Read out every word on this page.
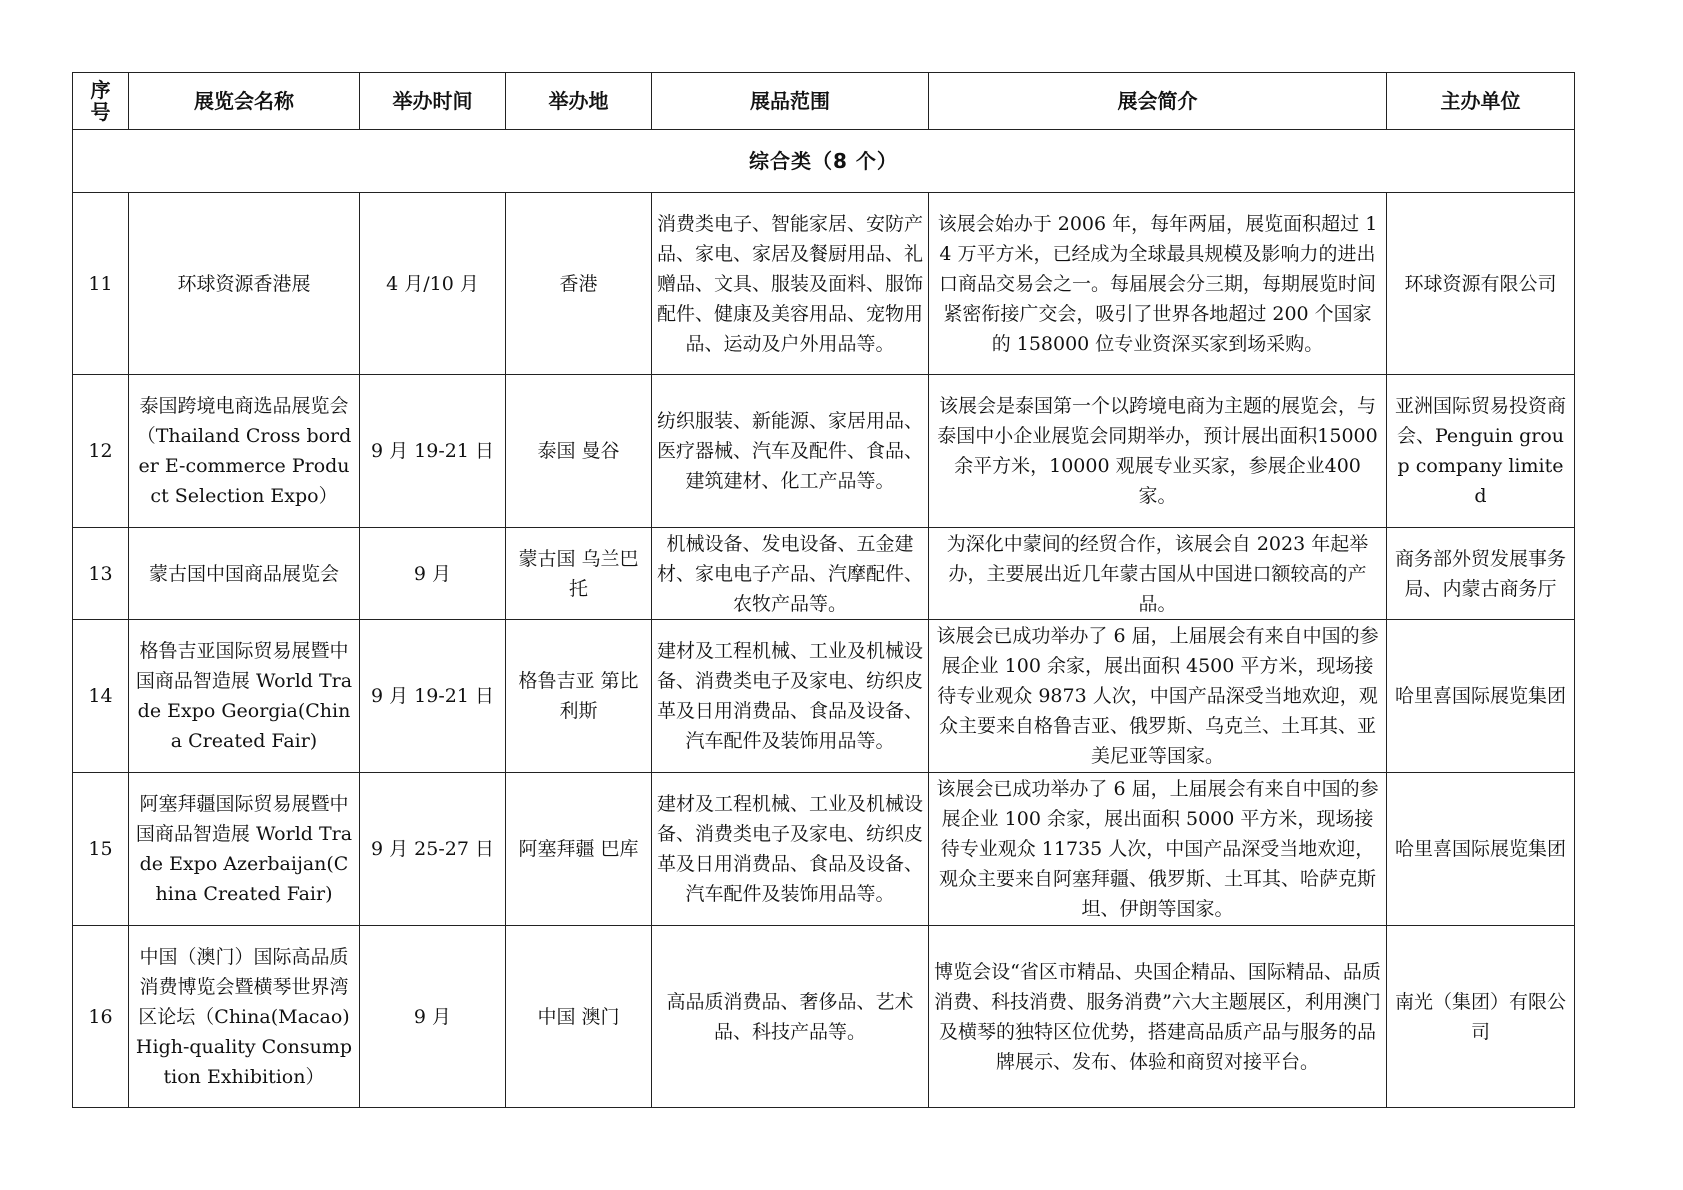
序号	展览会名称	举办时间	举办地	展品范围	展会简介	主办单位
综合类（8 个）						
11	环球资源香港展	4 月/10 月	香港	消费类电子、智能家居、安防产品、家电、家居及餐厨用品、礼赠品、文具、服装及面料、服饰配件、健康及美容用品、宠物用品、运动及户外用品等。	该展会始办于 2006 年，每年两届，展览面积超过 14 万平方米，已经成为全球最具规模及影响力的进出口商品交易会之一。每届展会分三期，每期展览时间紧密衔接广交会，吸引了世界各地超过 200 个国家的 158000 位专业资深买家到场采购。	环球资源有限公司
12	泰国跨境电商选品展览会（Thailand Cross border E-commerce Product Selection Expo）	9 月 19-21 日	泰国 曼谷	纺织服装、新能源、家居用品、医疗器械、汽车及配件、食品、建筑建材、化工产品等。	该展会是泰国第一个以跨境电商为主题的展览会，与泰国中小企业展览会同期举办，预计展出面积15000 余平方米，10000 观展专业买家，参展企业400 家。	亚洲国际贸易投资商会、Penguin group company limited
13	蒙古国中国商品展览会	9 月	蒙古国 乌兰巴托	机械设备、发电设备、五金建材、家电电子产品、汽摩配件、农牧产品等。	为深化中蒙间的经贸合作，该展会自 2023 年起举办，主要展出近几年蒙古国从中国进口额较高的产品。	商务部外贸发展事务局、内蒙古商务厅
14	格鲁吉亚国际贸易展暨中国商品智造展 World Trade Expo Georgia(China Created Fair)	9 月 19-21 日	格鲁吉亚 第比利斯	建材及工程机械、工业及机械设备、消费类电子及家电、纺织皮革及日用消费品、食品及设备、汽车配件及装饰用品等。	该展会已成功举办了 6 届，上届展会有来自中国的参展企业 100 余家，展出面积 4500 平方米，现场接待专业观众 9873 人次，中国产品深受当地欢迎，观众主要来自格鲁吉亚、俄罗斯、乌克兰、土耳其、亚美尼亚等国家。	哈里喜国际展览集团
15	阿塞拜疆国际贸易展暨中国商品智造展 World Trade Expo Azerbaijan(China Created Fair)	9 月 25-27 日	阿塞拜疆 巴库	建材及工程机械、工业及机械设备、消费类电子及家电、纺织皮革及日用消费品、食品及设备、汽车配件及装饰用品等。	该展会已成功举办了 6 届，上届展会有来自中国的参展企业 100 余家，展出面积 5000 平方米，现场接待专业观众 11735 人次，中国产品深受当地欢迎，观众主要来自阿塞拜疆、俄罗斯、土耳其、哈萨克斯坦、伊朗等国家。	哈里喜国际展览集团
16	中国（澳门）国际高品质消费博览会暨横琴世界湾区论坛（China(Macao) High-quality Consumption Exhibition）	9 月	中国 澳门	高品质消费品、奢侈品、艺术品、科技产品等。	博览会设“省区市精品、央国企精品、国际精品、品质消费、科技消费、服务消费”六大主题展区，利用澳门及横琴的独特区位优势，搭建高品质产品与服务的品牌展示、发布、体验和商贸对接平台。	南光（集团）有限公司
